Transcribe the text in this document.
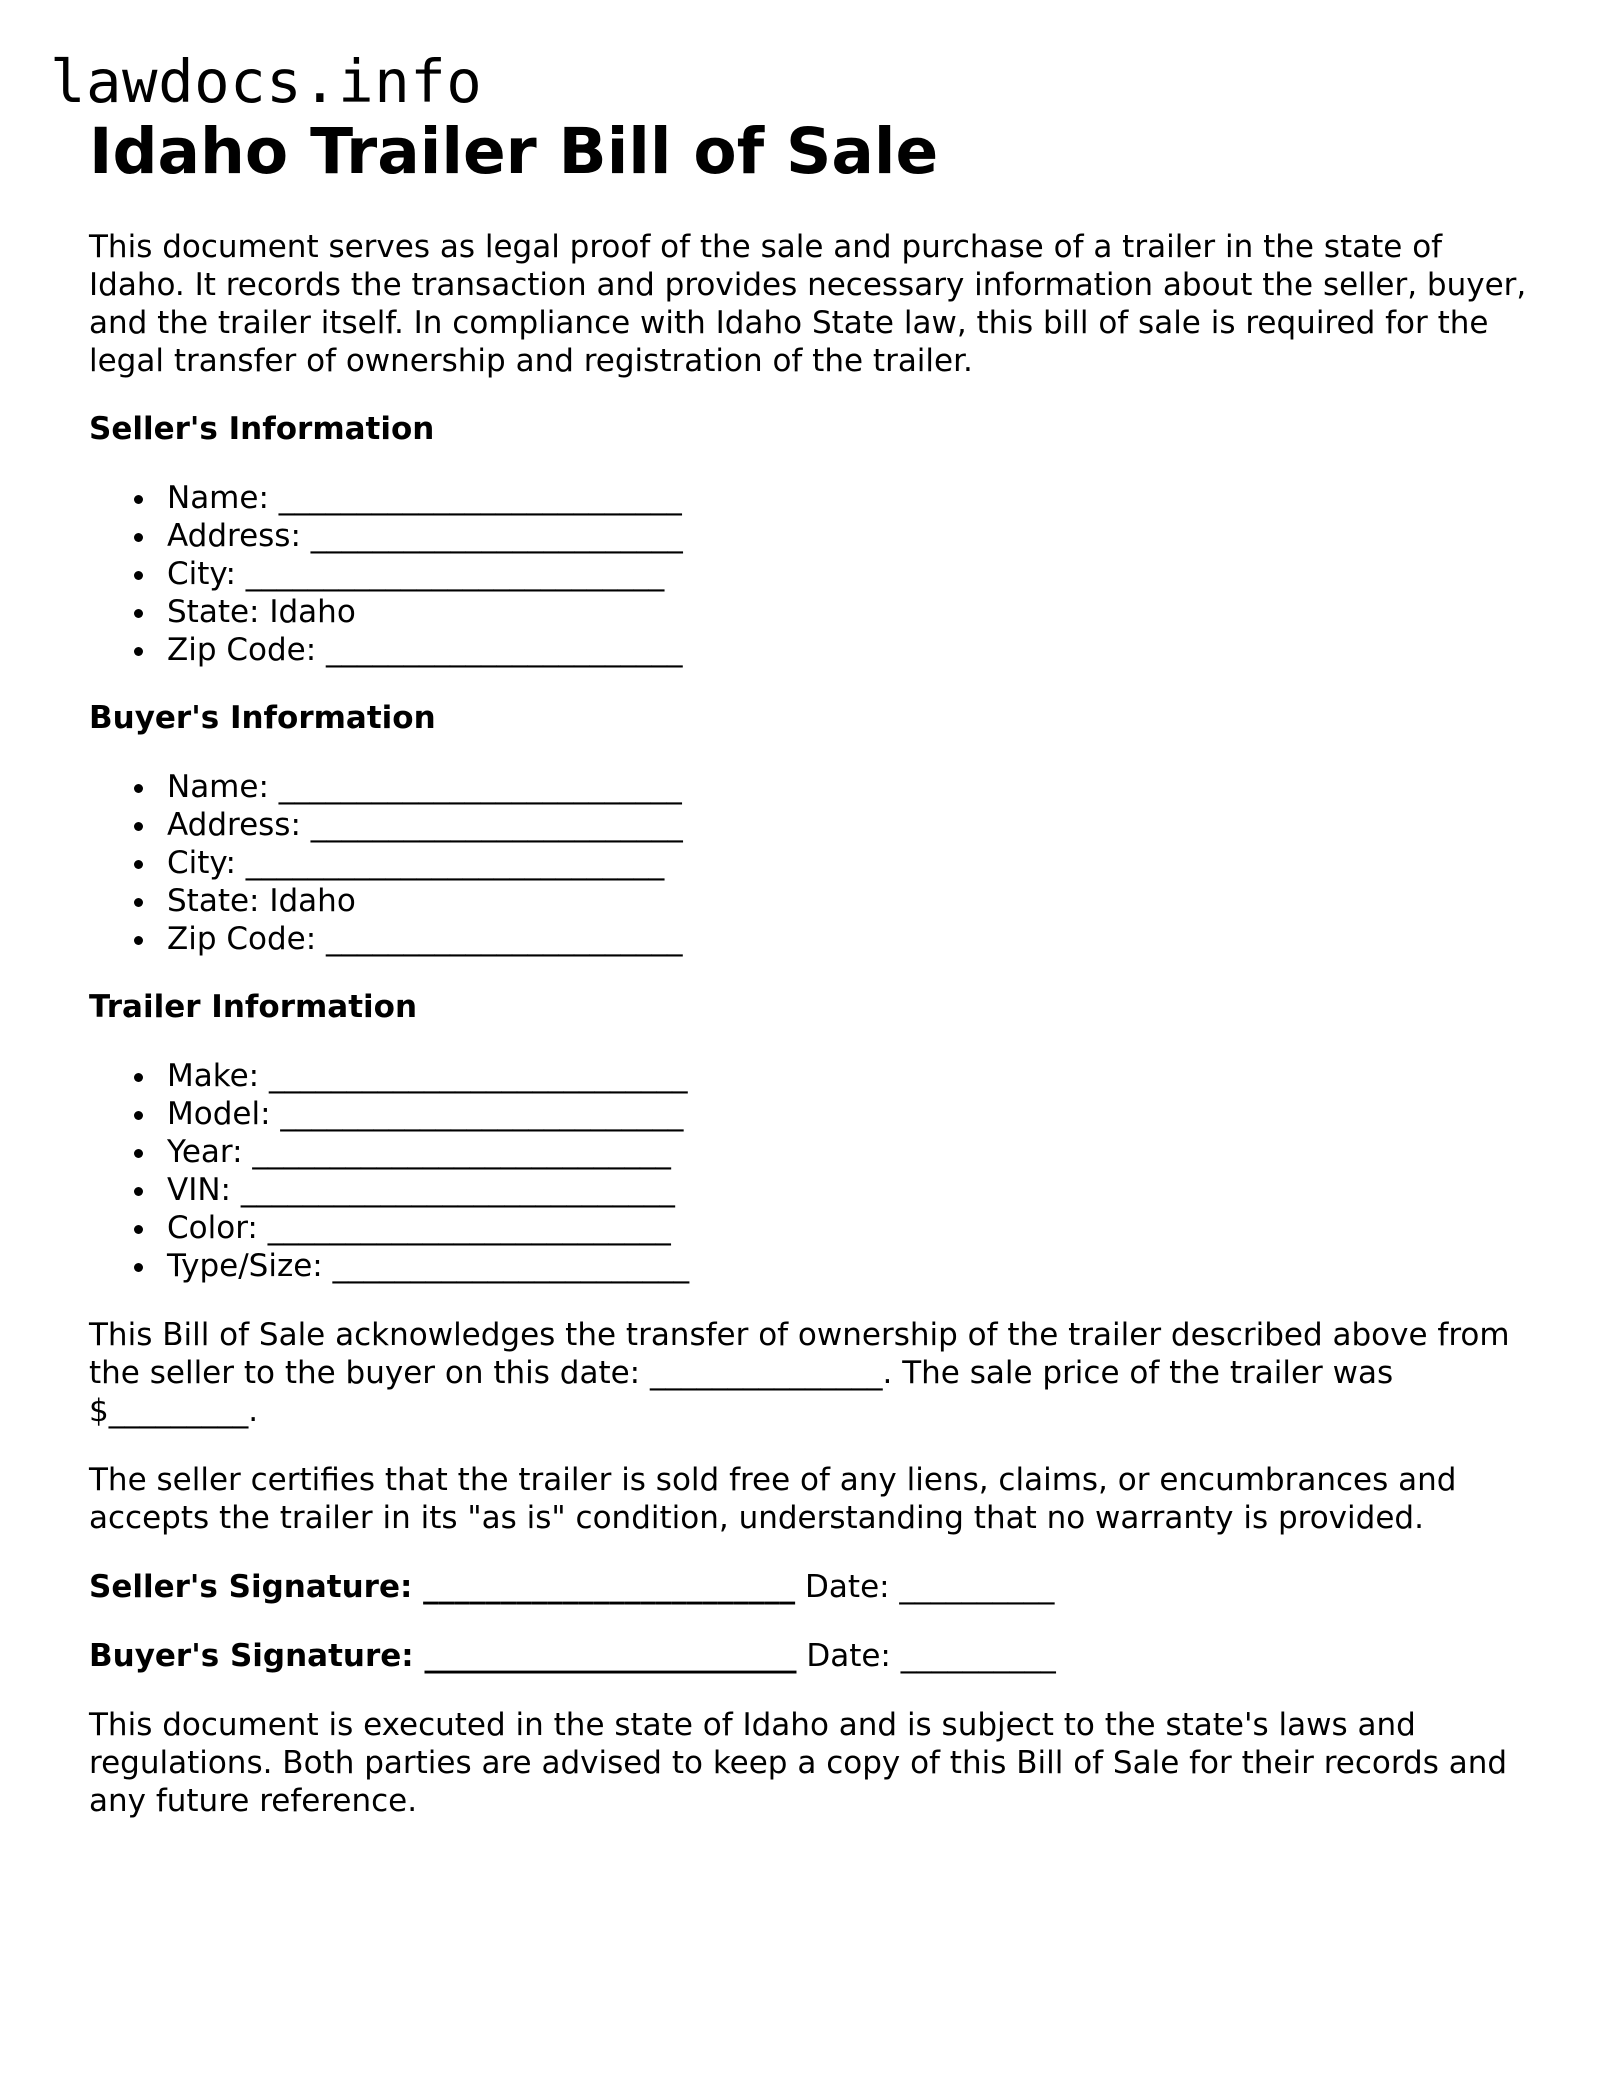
lawdocs.info
Idaho Trailer Bill of Sale

This document serves as legal proof of the sale and purchase of a trailer in the state of Idaho. It records the transaction and provides necessary information about the seller, buyer, and the trailer itself. In compliance with Idaho State law, this bill of sale is required for the legal transfer of ownership and registration of the trailer.

Seller's Information
Name: __________________________
Address: ________________________
City: ___________________________
State: Idaho
Zip Code: _______________________
Buyer's Information
Name: __________________________
Address: ________________________
City: ___________________________
State: Idaho
Zip Code: _______________________
Trailer Information
Make: ___________________________
Model: __________________________
Year: ___________________________
VIN: ____________________________
Color: __________________________
Type/Size: _______________________

This Bill of Sale acknowledges the transfer of ownership of the trailer described above from the seller to the buyer on this date: _______________. The sale price of the trailer was $_________.

The seller certifies that the trailer is sold free of any liens, claims, or encumbrances and accepts the trailer in its "as is" condition, understanding that no warranty is provided.

Seller's Signature: ________________________ Date: __________

Buyer's Signature: ________________________ Date: __________

This document is executed in the state of Idaho and is subject to the state's laws and regulations. Both parties are advised to keep a copy of this Bill of Sale for their records and any future reference.
